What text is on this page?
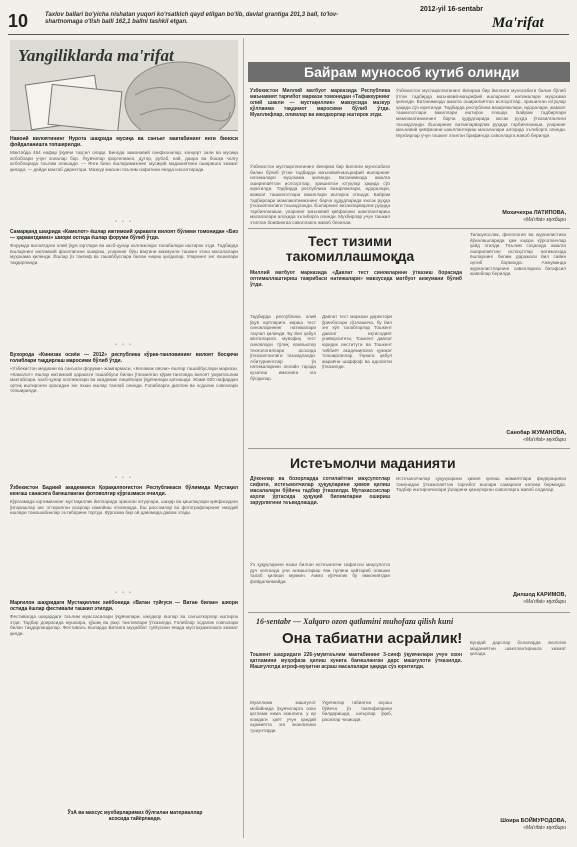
10	Taxlov ballari bo'yicha nishatan yuqori ko'rsatkich qayd etilgan bo'lib, davlat grantiga 201,3 ball, to'lov-shartnomaga o'tish balli 162,1 ballni tashkil etgan.
2012-yil 16-sentabr
Ma'rifat
Yangiliklarda ma'rifat
Навоий вилоятининг Нурота шаҳрида мусиқа ва санъат мактабининг янги биноси фойдаланишга топширилди.
Мактабда 464 нафар ўқувчи таҳсил олади. Бинода замонавий синфхоналар, концерт зали ва мусиқа асбоблари учун хоналар бор. Ўқувчилар фортепиано, дутор, рубоб, най, доира ва бошқа чолғу асбобларида таълим олишади. — Янги бино ёшларимизнинг мусиқий маданиятини оширишга хизмат қилади, — дейди мактаб директори. Мазкур маскан таълим сифатини янада юксалтиради.
• • •
Самарқанд шаҳрида «Камолот» ёшлар ижтимоий ҳаракати вилоят бўлими томонидан «Биз — ҳаракатдамиз» шиори остида ёшлар форуми бўлиб ўтди.
Форумда вилоятдаги олий ўқув юртлари ва касб-ҳунар коллежлари талабалари иштирок этди. Тадбирда ёшларнинг ижтимоий фаоллигини ошириш, уларнинг бўш вақтини мазмунли ташкил этиш масалалари муҳокама қилинди. Ёшлар ўз таклиф ва ташаббуслари билан чиқиш қилдилар. Уларнинг энг яхшилари тақдирланди.
• • •
Бухорода «Кинизак осиёи — 2012» республика кўрик-танловининг вилоят босқичи ғолиблари тақдирлаш маросими бўлиб ўтди.
«Ўзбекистон медиани ва санъати форуми» жамғармаси, «Келажак овози» ёшлар ташаббуслари маркази, «Камолот» ёшлар ижтимоий ҳаракати ташаббуси билан ўтказилган кўрик-танловда вилоят умумтаълим мактаблари, касб-ҳунар коллежлари ва академик лицейлари ўқувчилари қатнашди. Жами 600 нафардан ортиқ иштирокчи орасидан энг яхши ишлар танлаб олинди. Ғолибларга диплом ва эсдалик совғалари топширилди.
• • •
Ўзбекистон Бадиий академияси Қорақалпоғистон Республикаси бўлимида Мустақил кенгаш санасига бағишланган фотоволгир кўргазмаси очилди.
Кўргазмада юртимизнинг мустақиллик йилларида эришган ютуқлари, шаҳар ва қишлоқлари қиёфасидаги ўзгаришлар акс эттирилган асарлар намойиш этилмоқда. Ёш рассомлар ва фотографларнинг ижодий ишлари томошабинлар эътиборини тортди. Кўргазма бир ой давомида давом этади.
• • •
Марғилон шаҳридаги Мустақиллик хиёбонида «Ватан туйғуси — Ватан билан» шиори остида ёшлар фестивали ташкил этилди.
Фестивалда шаҳардаги таълим муассасалари ўқувчилари, ижодкор ёшлар ва санъаткорлар иштирок этди. Тадбир доирасида мушоира, қўшиқ ва рақс танловлари ўтказилди. Ғолиблар эсдалик совғалари билан тақдирландилар. Фестиваль ёшларда Ватанга муҳаббат туйғусини янада мустаҳкамлашга хизмат қилди.
ЎзА ва махсус мухбирларимиз бўлгилан материаллар асосида тайёрланди.
Байрам мунособ кутиб олинди
Ўзбекистон Миллий матбуот марказида Республика маънавият тарғибот маркази томонидан «Тафаккурнинг олий шакли — мустақиллик» мавзусида мазкур қўлланма тақдимот маросими бўлиб ўтди. Муаллифлар, олимлар ва ижодкорлар иштирок этди.
Ўзбекистон мустақиллигининг йигирма бир йиллиги муносабати билан бўлиб ўтган тадбирда маънавий-маърифий ишларнинг натижалари муҳокама қилинди. Ватанимизда амалга оширилаётган ислоҳотлар, эришилган ютуқлар ҳақида сўз юритилди. Тадбирда республика вазирликлари, идоралари, жамоат ташкилотлари вакиллари иштирок этишди. Байрам тадбирлари мамлакатимизнинг барча ҳудудларида юксак руҳда ўтказилганлиги таъкидланди. Ёшларнинг ватанпарварлик руҳида тарбияланиши, уларнинг маънавий қиёфасини шакллантириш масалалари алоҳида эътиборга олинди. Мухбирлар учун ташкил этилган брифингда саволларга жавоб берилди.
Ўзбекистон мустақиллигининг йигирма бир йиллиги муносабати билан бўлиб ўтган тадбирда маънавий-маърифий ишларнинг натижалари муҳокама қилинди. Ватанимизда амалга оширилаётган ислоҳотлар, эришилган ютуқлар ҳақида сўз юритилди. Тадбирда республика вазирликлари, идоралари, жамоат ташкилотлари вакиллари иштирок этишди. Байрам тадбирлари мамлакатимизнинг барча ҳудудларида юксак руҳда ўтказилганлиги таъкидланди. Ёшларнинг ватанпарварлик руҳида тарбияланиши, уларнинг маънавий қиёфасини шакллантириш масалалари алоҳида эътиборга олинди. Мухбирлар учун ташкил этилган брифингда саволларга жавоб берилди.
Мохичехра ЛАТИПОВА,
«Ma'rifat» мухбири
Тест тизими такомиллашмоқда
Миллий матбуот марказида «Давлат тест синовларини ўтказиш борасида оптималлаштириш тажрибаси натижалари» мавзусида матбуот анжумани бўлиб ўтди.
Тадбирда республика олий ўқув юртларига кириш тест синовларининг натижалари таҳлил қилинди. Бу йил қабул квоталарига мувофиқ тест синовлари тўлиқ компьютер технологиялари асосида ўтказилганлиги таъкидланди. Абитуриентлар ўз натижаларини онлайн тарзда кузатиш имконига эга бўлдилар.
Давлат тест маркази директори ўринбосари сўзлашича, бу йил энг кўп талабгорлар Тошкент давлат иқтисодиёт университети, Тошкент давлат юридик институти ва Тошкент тиббиёт академиясига ҳужжат топширганлар. Ўқишга қабул жараёни шаффоф ва адолатли ўтказилди.
Тилшунослик, филология ва журналистика йўналишларида ҳам юқори кўрсаткичлар қайд этилди. Таълим соҳасида амалга оширилаётган ислоҳотлар натижасида ёшларнинг билим даражаси йил сайин ортиб бормоқда. Анжуманда журналистларнинг саволларига батафсил жавоблар берилди.
Санобар ЖУМАНОВА,
«Ma'rifat» мухбири
Истеъмолчи маданияти
Дўконлар ва бозорларда сотилаётган маҳсулотлар сифати, истеъмолчилар ҳуқуқларини ҳимоя қилиш масалалари бўйича тадбир ўтказилди. Мутахассислар аҳоли ўртасида ҳуқуқий билимларни ошириш зарурлигини таъкидлашди.
Ўз ҳуқуқларини яхши билган истеъмолчи сифатсиз маҳсулотга дуч келганда уни алмаштириш ёки пулини қайтариб олишни талаб қилиши мумкин. Аммо кўпчилик бу имкониятдан фойдаланмайди.
Истеъмолчилар ҳуқуқларини ҳимоя қилиш жамиятлари федерацияси томонидан ўтказилаётган тарғибот ишлари самарали натижа бермоқда. Тадбир иштирокчилари ўзларини қизиқтирган саволларга жавоб олдилар.
Дилшод КАРИМОВ,
«Ma'rifat» мухбири
16-sentabr — Xalqaro ozon qatlamini muhofaza qilish kuni
Она табиатни асрайлик!
Тошкент шаҳридаги 226-умумтаълим мактабининг 3-синф ўқувчилари учун озон қатламини муҳофаза қилиш кунига бағишланган дарс машғулоти ўтказилди. Машғулотда атроф-муҳитни асраш масалалари ҳақида сўз юритилди.
Муаллима машғулот мобайнида ўқувчиларга озон қатлами нима эканлиги, у ер юзидаги ҳаёт учун қандай аҳамиятга эга эканлигини тушунтирди.
Ўқувчилар табиатни асраш бўйича ўз таклифларини билдиришди, шеърлар ўқиб, расмлар чизишди.
Бундай дарслар болаларда экологик маданиятни шакллантиришга хизмат қилади.
Шоира БОЙМУРОДОВА,
«Ma'rifat» мухбири
